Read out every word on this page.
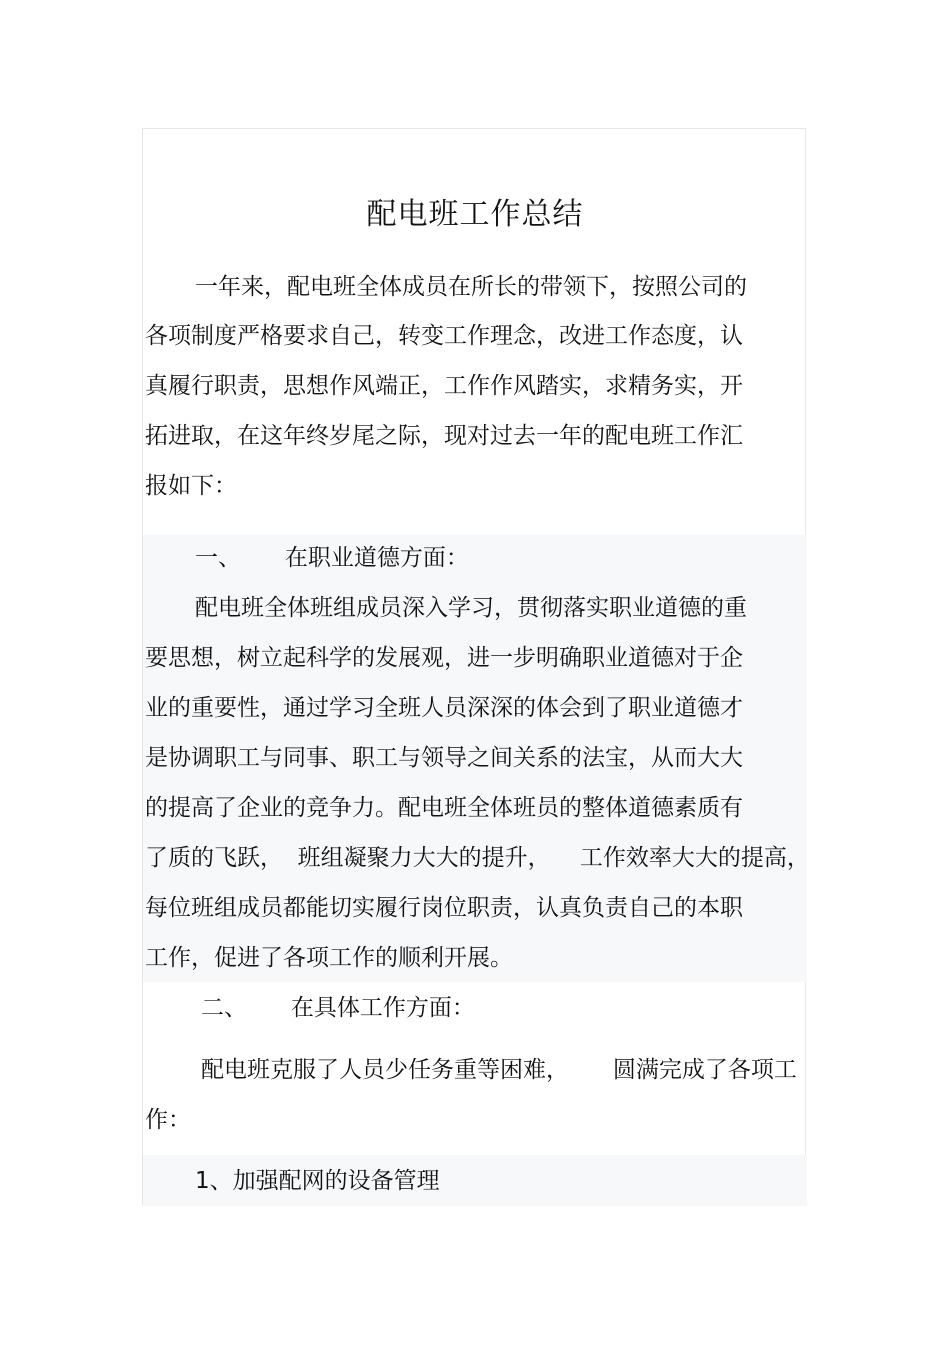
配电班工作总结
一年来，配电班全体成员在所长的带领下，按照公司的
各项制度严格要求自己，转变工作理念，改进工作态度，认
真履行职责，思想作风端正，工作作风踏实，求精务实，开
拓进取，在这年终岁尾之际，现对过去一年的配电班工作汇
报如下：
一、      在职业道德方面：
配电班全体班组成员深入学习，贯彻落实职业道德的重
要思想，树立起科学的发展观，进一步明确职业道德对于企
业的重要性，通过学习全班人员深深的体会到了职业道德才
是协调职工与同事、职工与领导之间关系的法宝，从而大大
的提高了企业的竞争力。配电班全体班员的整体道德素质有
了质的飞跃，  班组凝聚力大大的提升，    工作效率大大的提高，
每位班组成员都能切实履行岗位职责，认真负责自己的本职
工作，促进了各项工作的顺利开展。
二、      在具体工作方面：
配电班克服了人员少任务重等困难，      圆满完成了各项工
作：
1、加强配网的设备管理
